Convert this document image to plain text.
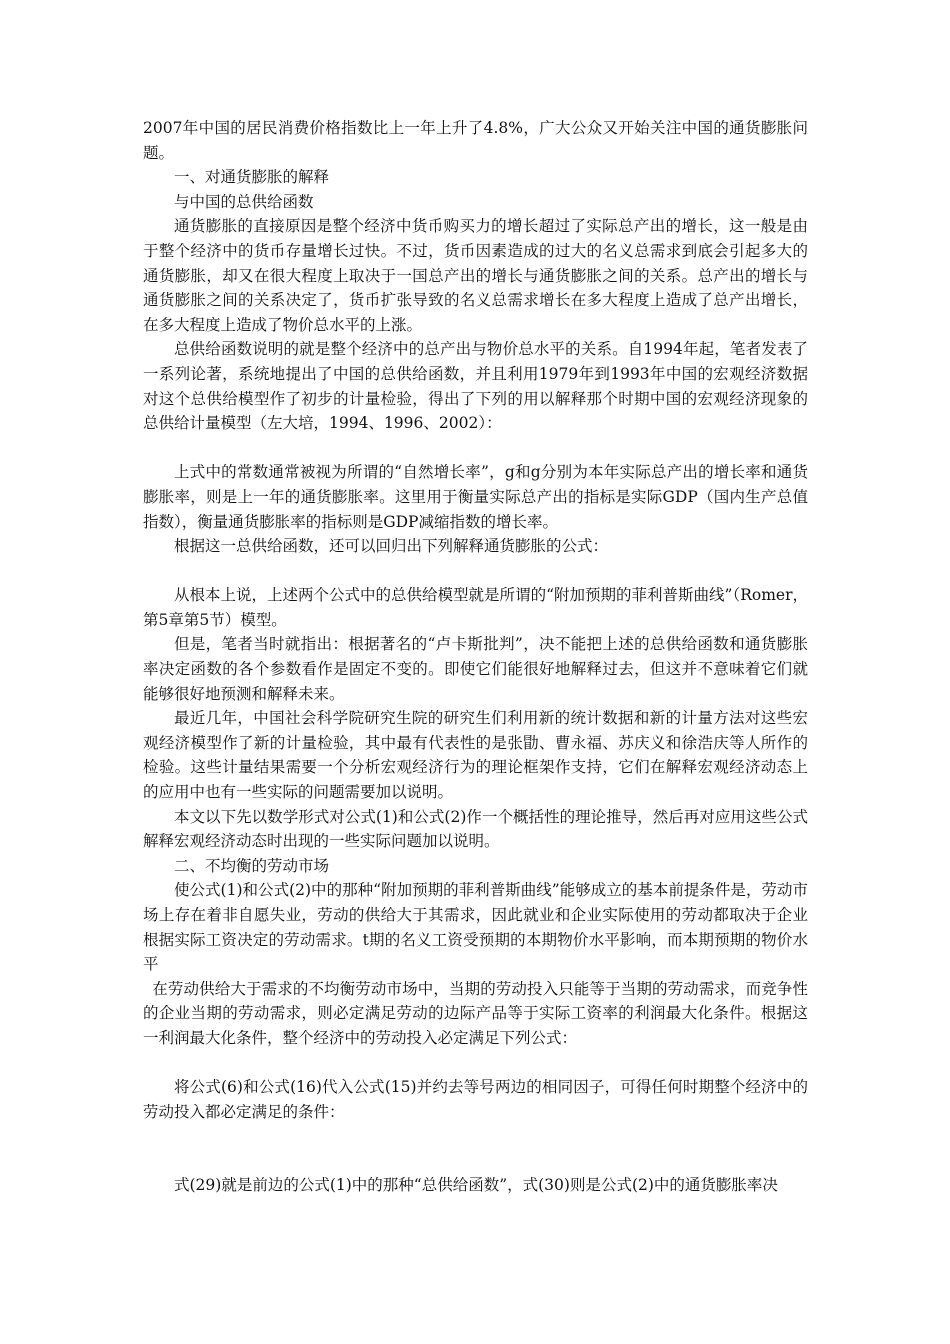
2007年中国的居民消费价格指数比上一年上升了4.8%，广大公众又开始关注中国的通货膨胀问题。

一、对通货膨胀的解释

与中国的总供给函数

通货膨胀的直接原因是整个经济中货币购买力的增长超过了实际总产出的增长，这一般是由于整个经济中的货币存量增长过快。不过，货币因素造成的过大的名义总需求到底会引起多大的通货膨胀，却又在很大程度上取决于一国总产出的增长与通货膨胀之间的关系。总产出的增长与通货膨胀之间的关系决定了，货币扩张导致的名义总需求增长在多大程度上造成了总产出增长，在多大程度上造成了物价总水平的上涨。

总供给函数说明的就是整个经济中的总产出与物价总水平的关系。自1994年起，笔者发表了一系列论著，系统地提出了中国的总供给函数，并且利用1979年到1993年中国的宏观经济数据对这个总供给模型作了初步的计量检验，得出了下列的用以解释那个时期中国的宏观经济现象的总供给计量模型（左大培，1994、1996、2002）：

上式中的常数通常被视为所谓的“自然增长率”，g和g分别为本年实际总产出的增长率和通货膨胀率，则是上一年的通货膨胀率。这里用于衡量实际总产出的指标是实际GDP（国内生产总值指数），衡量通货膨胀率的指标则是GDP减缩指数的增长率。

根据这一总供给函数，还可以回归出下列解释通货膨胀的公式：

从根本上说，上述两个公式中的总供给模型就是所谓的“附加预期的菲利普斯曲线”（Romer，第5章第5节）模型。

但是，笔者当时就指出：根据著名的“卢卡斯批判”，决不能把上述的总供给函数和通货膨胀率决定函数的各个参数看作是固定不变的。即使它们能很好地解释过去，但这并不意味着它们就能够很好地预测和解释未来。

最近几年，中国社会科学院研究生院的研究生们利用新的统计数据和新的计量方法对这些宏观经济模型作了新的计量检验，其中最有代表性的是张勖、曹永福、苏庆义和徐浩庆等人所作的检验。这些计量结果需要一个分析宏观经济行为的理论框架作支持，它们在解释宏观经济动态上的应用中也有一些实际的问题需要加以说明。

本文以下先以数学形式对公式(1)和公式(2)作一个概括性的理论推导，然后再对应用这些公式解释宏观经济动态时出现的一些实际问题加以说明。

二、不均衡的劳动市场

使公式(1)和公式(2)中的那种“附加预期的菲利普斯曲线”能够成立的基本前提条件是，劳动市场上存在着非自愿失业，劳动的供给大于其需求，因此就业和企业实际使用的劳动都取决于企业根据实际工资决定的劳动需求。t期的名义工资受预期的本期物价水平影响，而本期预期的物价水平

在劳动供给大于需求的不均衡劳动市场中，当期的劳动投入只能等于当期的劳动需求，而竞争性的企业当期的劳动需求，则必定满足劳动的边际产品等于实际工资率的利润最大化条件。根据这一利润最大化条件，整个经济中的劳动投入必定满足下列公式：

将公式(6)和公式(16)代入公式(15)并约去等号两边的相同因子，可得任何时期整个经济中的劳动投入都必定满足的条件：

式(29)就是前边的公式(1)中的那种“总供给函数”，式(30)则是公式(2)中的通货膨胀率决
